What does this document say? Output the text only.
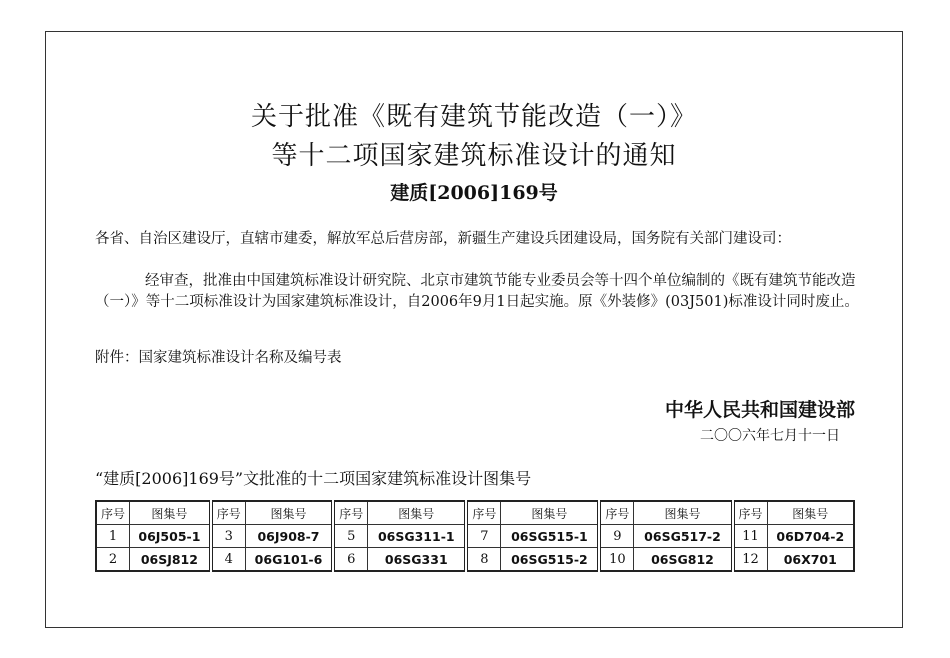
关于批准《既有建筑节能改造（一）》
等十二项国家建筑标准设计的通知
建质[2006]169号
各省、自治区建设厅，直辖市建委，解放军总后营房部，新疆生产建设兵团建设局，国务院有关部门建设司：
经审查，批准由中国建筑标准设计研究院、北京市建筑节能专业委员会等十四个单位编制的《既有建筑节能改造（一）》等十二项标准设计为国家建筑标准设计，自2006年9月1日起实施。原《外装修》(03J501)标准设计同时废止。
附件：国家建筑标准设计名称及编号表
中华人民共和国建设部
二〇〇六年七月十一日
“建质[2006]169号”文批准的十二项国家建筑标准设计图集号
序号	图集号	序号	图集号	序号	图集号	序号	图集号	序号	图集号	序号	图集号
1	06J505-1	3	06J908-7	5	06SG311-1	7	06SG515-1	9	06SG517-2	11	06D704-2
2	06SJ812	4	06G101-6	6	06SG331	8	06SG515-2	10	06SG812	12	06X701
